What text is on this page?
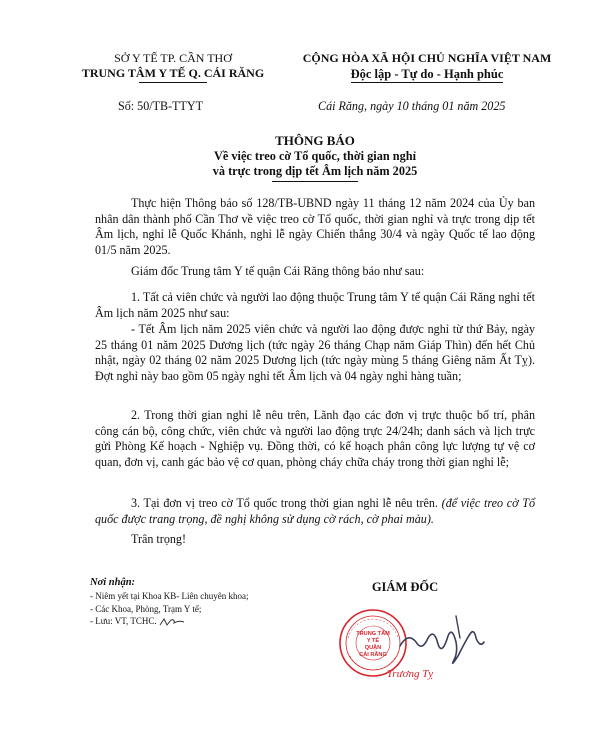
SỞ Y TẾ TP. CẦN THƠ
TRUNG TÂM Y TẾ Q. CÁI RĂNG
CỘNG HÒA XÃ HỘI CHỦ NGHĨA VIỆT NAM
Độc lập - Tự do - Hạnh phúc
Số: 50/TB-TTYT	Cái Răng, ngày 10 tháng 01 năm 2025
THÔNG BÁO
Về việc treo cờ Tổ quốc, thời gian nghỉ
và trực trong dịp tết Âm lịch năm 2025

Thực hiện Thông báo số 128/TB-UBND ngày 11 tháng 12 năm 2024 của Ủy ban nhân dân thành phố Cần Thơ về việc treo cờ Tổ quốc, thời gian nghỉ và trực trong dịp tết Âm lịch, nghỉ lễ Quốc Khánh, nghỉ lễ ngày Chiến thắng 30/4 và ngày Quốc tế lao động 01/5 năm 2025.

Giám đốc Trung tâm Y tế quận Cái Răng thông báo như sau:

1. Tất cả viên chức và người lao động thuộc Trung tâm Y tế quận Cái Răng nghỉ tết Âm lịch năm 2025 như sau:

- Tết Âm lịch năm 2025 viên chức và người lao động được nghỉ từ thứ Bảy, ngày 25 tháng 01 năm 2025 Dương lịch (tức ngày 26 tháng Chạp năm Giáp Thìn) đến hết Chủ nhật, ngày 02 tháng 02 năm 2025 Dương lịch (tức ngày mùng 5 tháng Giêng năm Ất Tỵ). Đợt nghỉ này bao gồm 05 ngày nghỉ tết Âm lịch và 04 ngày nghỉ hàng tuần;

2. Trong thời gian nghỉ lễ nêu trên, Lãnh đạo các đơn vị trực thuộc bố trí, phân công cán bộ, công chức, viên chức và người lao động trực 24/24h; danh sách và lịch trực gửi Phòng Kế hoạch - Nghiệp vụ. Đồng thời, có kế hoạch phân công lực lượng tự vệ cơ quan, đơn vị, canh gác bảo vệ cơ quan, phòng cháy chữa cháy trong thời gian nghỉ lễ;

3. Tại đơn vị treo cờ Tổ quốc trong thời gian nghỉ lễ nêu trên. (để việc treo cờ Tổ quốc được trang trọng, đề nghị không sử dụng cờ rách, cờ phai màu).

Trân trọng!
Nơi nhận:
- Niêm yết tại Khoa KB- Liên chuyên khoa;
- Các Khoa, Phòng, Trạm Y tế;
- Lưu: VT, TCHC.
GIÁM ĐỐC
TRUNG TÂM
Y TẾ
QUẬN
CÁI RĂNG
Trương Tỵ
